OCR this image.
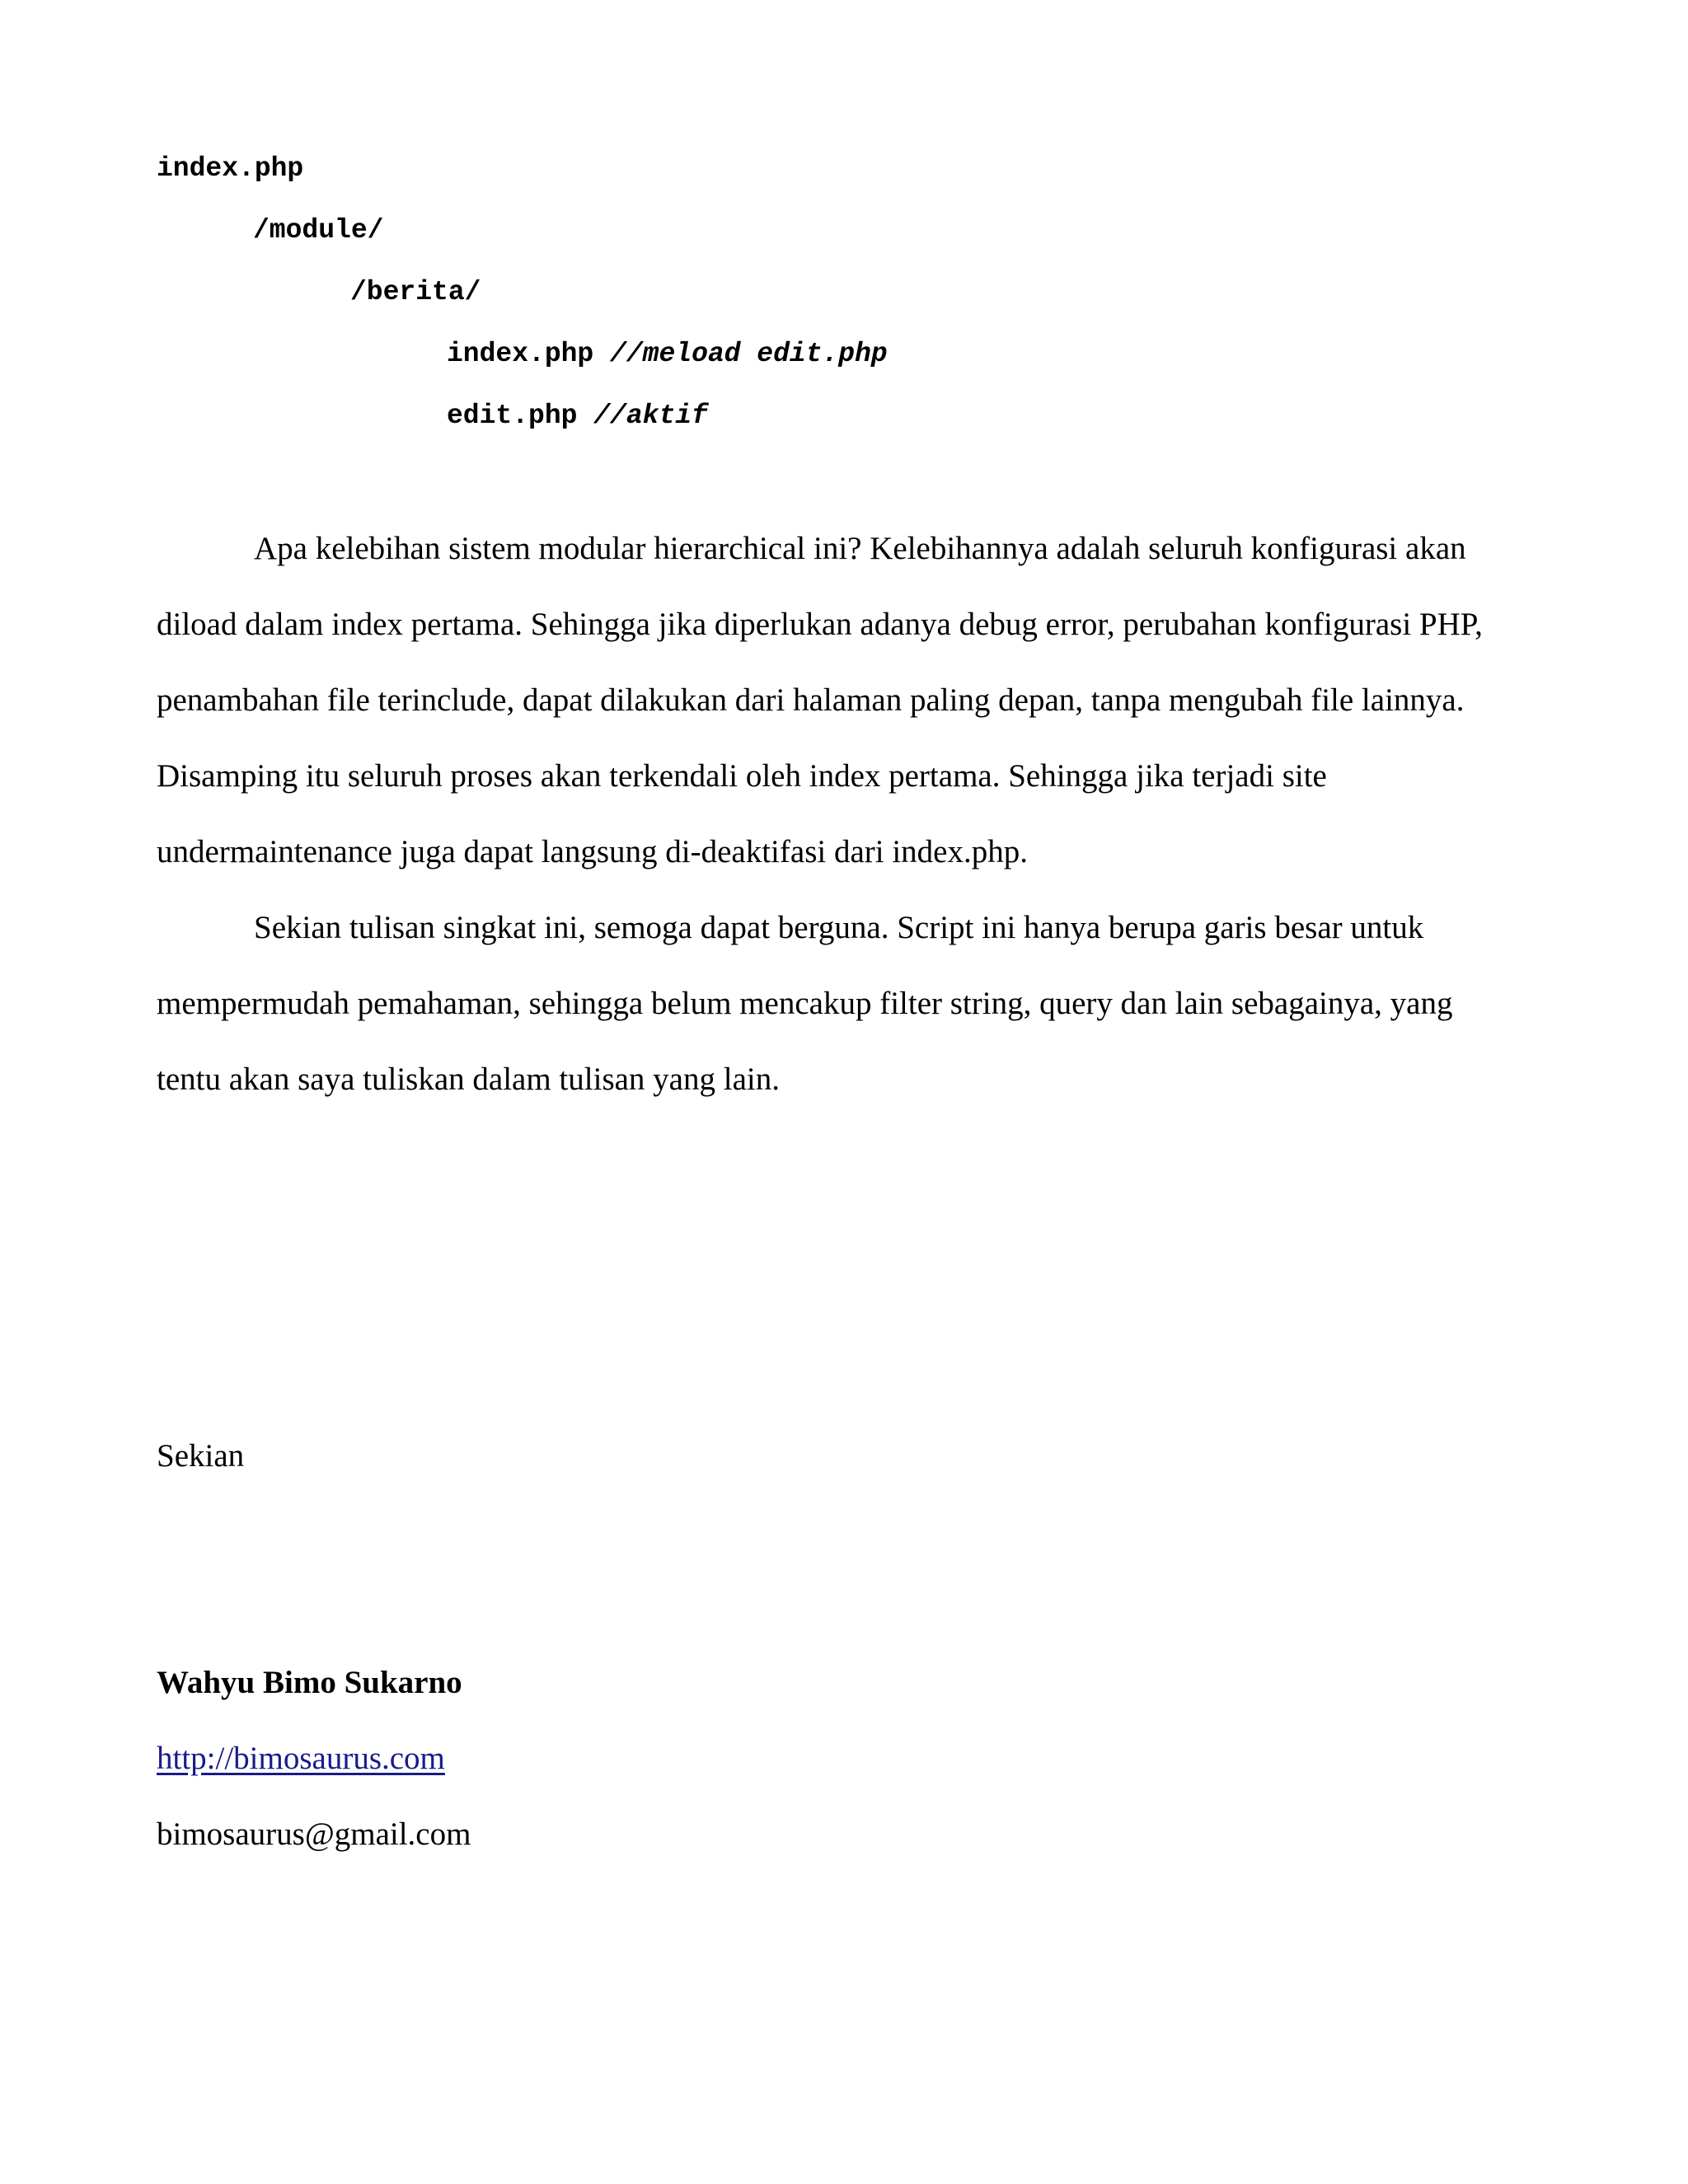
index.php
/module/
/berita/
index.php //meload edit.php
edit.php //aktif

Apa kelebihan sistem modular hierarchical ini? Kelebihannya adalah seluruh konfigurasi akan diload dalam index pertama. Sehingga jika diperlukan adanya debug error, perubahan konfigurasi PHP, penambahan file terinclude, dapat dilakukan dari halaman paling depan, tanpa mengubah file lainnya. Disamping itu seluruh proses akan terkendali oleh index pertama. Sehingga jika terjadi site undermaintenance juga dapat langsung di-deaktifasi dari index.php.

Sekian tulisan singkat ini, semoga dapat berguna. Script ini hanya berupa garis besar untuk mempermudah pemahaman, sehingga belum mencakup filter string, query dan lain sebagainya, yang tentu akan saya tuliskan dalam tulisan yang lain.

Sekian
Wahyu Bimo Sukarno
http://bimosaurus.com
bimosaurus@gmail.com
